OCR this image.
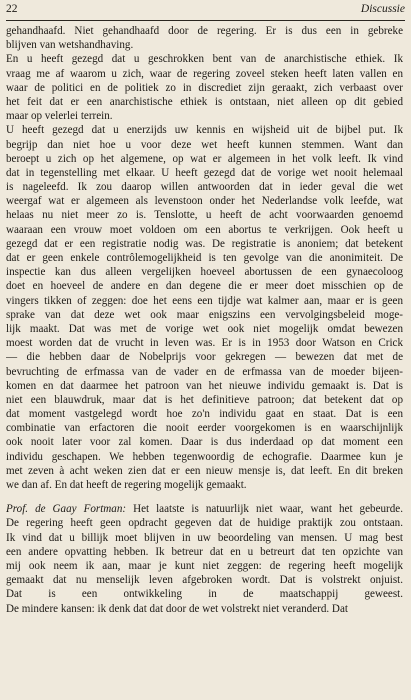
22	Discussie
gehandhaafd. Niet gehandhaafd door de regering. Er is dus een in gebreke
blijven van wetshandhaving.
En u heeft gezegd dat u geschrokken bent van de anarchistische ethiek. Ik
vraag me af waarom u zich, waar de regering zoveel steken heeft laten vallen en
waar de politici en de politiek zo in discrediet zijn geraakt, zich verbaast over
het feit dat er een anarchistische ethiek is ontstaan, niet alleen op dit gebied
maar op velerlei terrein.
U heeft gezegd dat u enerzijds uw kennis en wijsheid uit de bijbel put. Ik
begrijp dan niet hoe u voor deze wet heeft kunnen stemmen. Want dan
beroept u zich op het algemene, op wat er algemeen in het volk leeft. Ik vind
dat in tegenstelling met elkaar. U heeft gezegd dat de vorige wet nooit helemaal
is nageleefd. Ik zou daarop willen antwoorden dat in ieder geval die wet
weergaf wat er algemeen als levenstoon onder het Nederlandse volk leefde, wat
helaas nu niet meer zo is. Tenslotte, u heeft de acht voorwaarden genoemd
waaraan een vrouw moet voldoen om een abortus te verkrijgen. Ook heeft u
gezegd dat er een registratie nodig was. De registratie is anoniem; dat betekent
dat er geen enkele contrôlemogelijkheid is ten gevolge van die anonimiteit. De
inspectie kan dus alleen vergelijken hoeveel abortussen de een gynaecoloog
doet en hoeveel de andere en dan degene die er meer doet misschien op de
vingers tikken of zeggen: doe het eens een tijdje wat kalmer aan, maar er is geen
sprake van dat deze wet ook maar enigszins een vervolgingsbeleid moge-
lijk maakt. Dat was met de vorige wet ook niet mogelijk omdat bewezen
moest worden dat de vrucht in leven was. Er is in 1953 door Watson en Crick
— die hebben daar de Nobelprijs voor gekregen — bewezen dat met de
bevruchting de erfmassa van de vader en de erfmassa van de moeder bijeen-
komen en dat daarmee het patroon van het nieuwe individu gemaakt is. Dat is
niet een blauwdruk, maar dat is het definitieve patroon; dat betekent dat op
dat moment vastgelegd wordt hoe zo'n individu gaat en staat. Dat is een
combinatie van erfactoren die nooit eerder voorgekomen is en waarschijnlijk
ook nooit later voor zal komen. Daar is dus inderdaad op dat moment een
individu geschapen. We hebben tegenwoordig de echografie. Daarmee kun je
met zeven à acht weken zien dat er een nieuw mensje is, dat leeft. En dit breken
we dan af. En dat heeft de regering mogelijk gemaakt.
Prof. de Gaay Fortman: Het laatste is natuurlijk niet waar, want het gebeurde.
De regering heeft geen opdracht gegeven dat de huidige praktijk zou ontstaan.
Ik vind dat u billijk moet blijven in uw beoordeling van mensen. U mag best
een andere opvatting hebben. Ik betreur dat en u betreurt dat ten opzichte van
mij ook neem ik aan, maar je kunt niet zeggen: de regering heeft mogelijk
gemaakt dat nu menselijk leven afgebroken wordt. Dat is volstrekt onjuist.
Dat is een ontwikkeling in de maatschappij geweest.
De mindere kansen: ik denk dat dat door de wet volstrekt niet veranderd. Dat
